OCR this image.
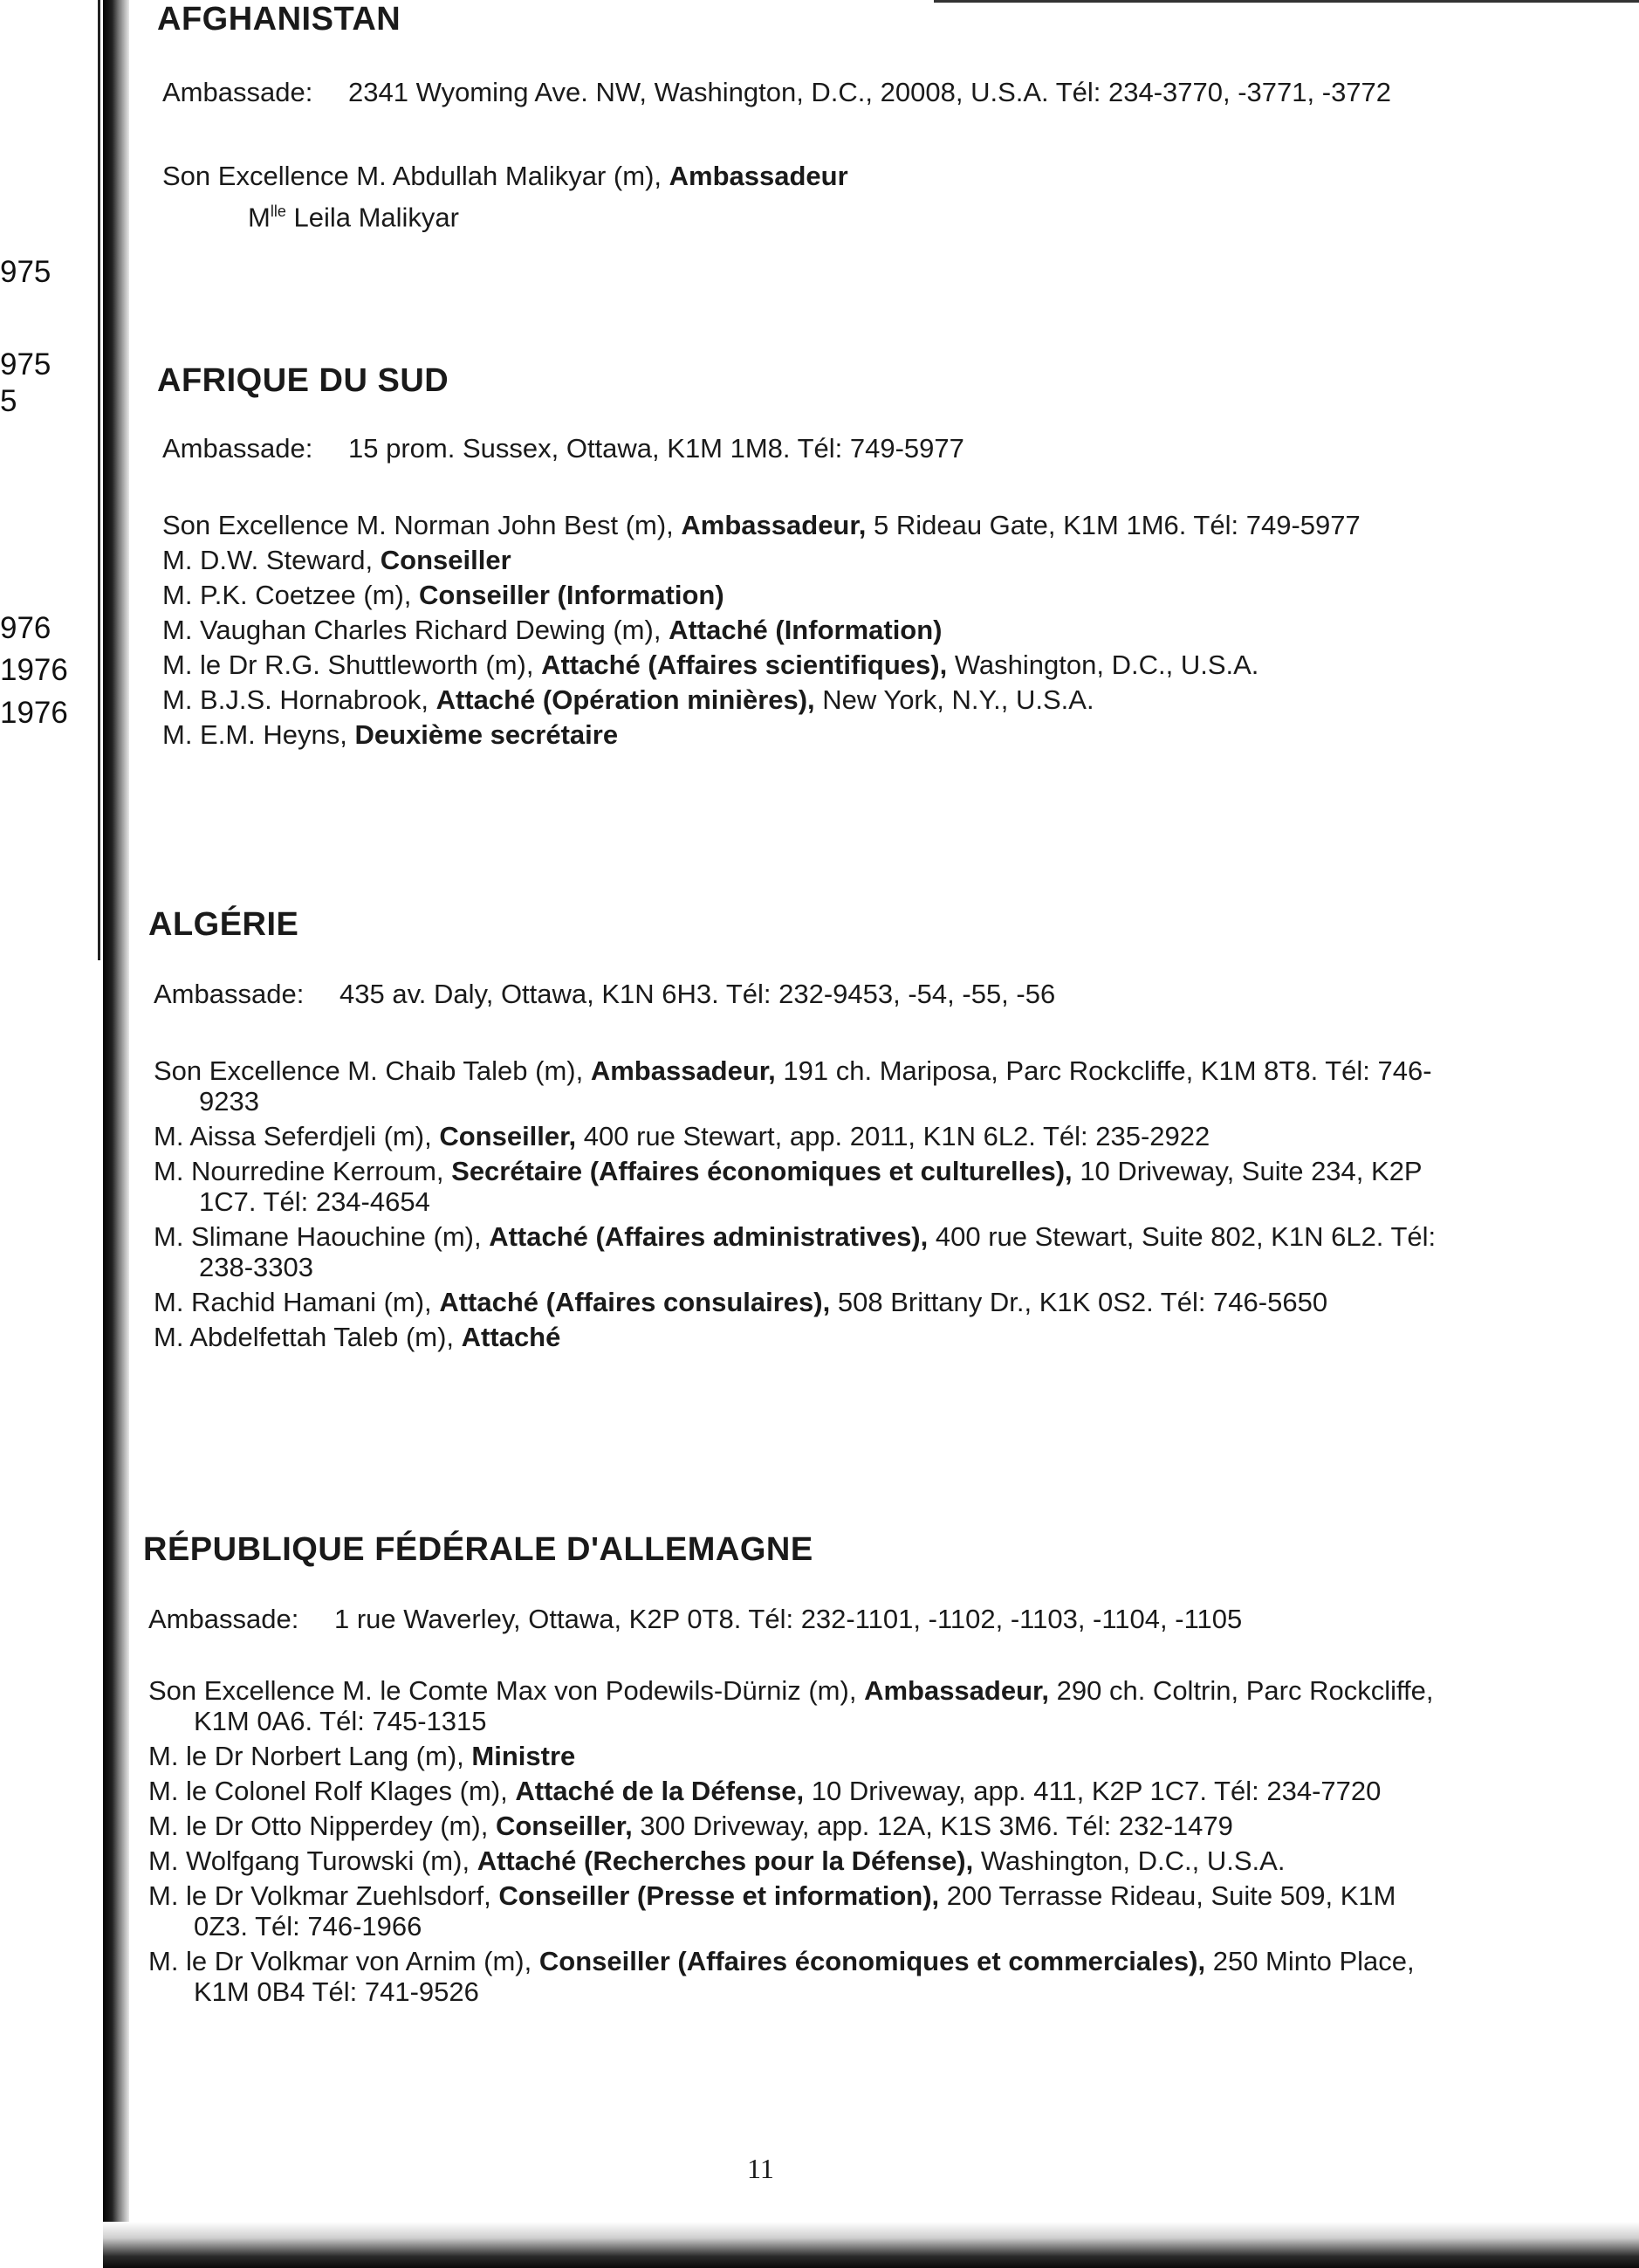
975
975
5
976
1976
1976
AFGHANISTAN
Ambassade:	2341 Wyoming Ave. NW, Washington, D.C., 20008, U.S.A. Tél: 234-3770, -3771, -3772
Son Excellence M. Abdullah Malikyar (m), Ambassadeur
$M^{lle}$ Leila Malikyar
AFRIQUE DU SUD
Ambassade:	15 prom. Sussex, Ottawa, K1M 1M8. Tél: 749-5977
Son Excellence M. Norman John Best (m), Ambassadeur, 5 Rideau Gate, K1M 1M6. Tél: 749-5977
M. D.W. Steward, Conseiller
M. P.K. Coetzee (m), Conseiller (Information)
M. Vaughan Charles Richard Dewing (m), Attaché (Information)
M. le Dr R.G. Shuttleworth (m), Attaché (Affaires scientifiques), Washington, D.C., U.S.A.
M. B.J.S. Hornabrook, Attaché (Opération minières), New York, N.Y., U.S.A.
M. E.M. Heyns, Deuxième secrétaire
ALGÉRIE
Ambassade:	435 av. Daly, Ottawa, K1N 6H3. Tél: 232-9453, -54, -55, -56
Son Excellence M. Chaib Taleb (m), Ambassadeur, 191 ch. Mariposa, Parc Rockcliffe, K1M 8T8. Tél: 746-9233
M. Aissa Seferdjeli (m), Conseiller, 400 rue Stewart, app. 2011, K1N 6L2. Tél: 235-2922
M. Nourredine Kerroum, Secrétaire (Affaires économiques et culturelles), 10 Driveway, Suite 234, K2P 1C7. Tél: 234-4654
M. Slimane Haouchine (m), Attaché (Affaires administratives), 400 rue Stewart, Suite 802, K1N 6L2. Tél: 238-3303
M. Rachid Hamani (m), Attaché (Affaires consulaires), 508 Brittany Dr., K1K 0S2. Tél: 746-5650
M. Abdelfettah Taleb (m), Attaché
RÉPUBLIQUE FÉDÉRALE D'ALLEMAGNE
Ambassade:	1 rue Waverley, Ottawa, K2P 0T8. Tél: 232-1101, -1102, -1103, -1104, -1105
Son Excellence M. le Comte Max von Podewils-Dürniz (m), Ambassadeur, 290 ch. Coltrin, Parc Rockcliffe, K1M 0A6. Tél: 745-1315
M. le Dr Norbert Lang (m), Ministre
M. le Colonel Rolf Klages (m), Attaché de la Défense, 10 Driveway, app. 411, K2P 1C7. Tél: 234-7720
M. le Dr Otto Nipperdey (m), Conseiller, 300 Driveway, app. 12A, K1S 3M6. Tél: 232-1479
M. Wolfgang Turowski (m), Attaché (Recherches pour la Défense), Washington, D.C., U.S.A.
M. le Dr Volkmar Zuehlsdorf, Conseiller (Presse et information), 200 Terrasse Rideau, Suite 509, K1M 0Z3. Tél: 746-1966
M. le Dr Volkmar von Arnim (m), Conseiller (Affaires économiques et commerciales), 250 Minto Place, K1M 0B4 Tél: 741-9526
11
